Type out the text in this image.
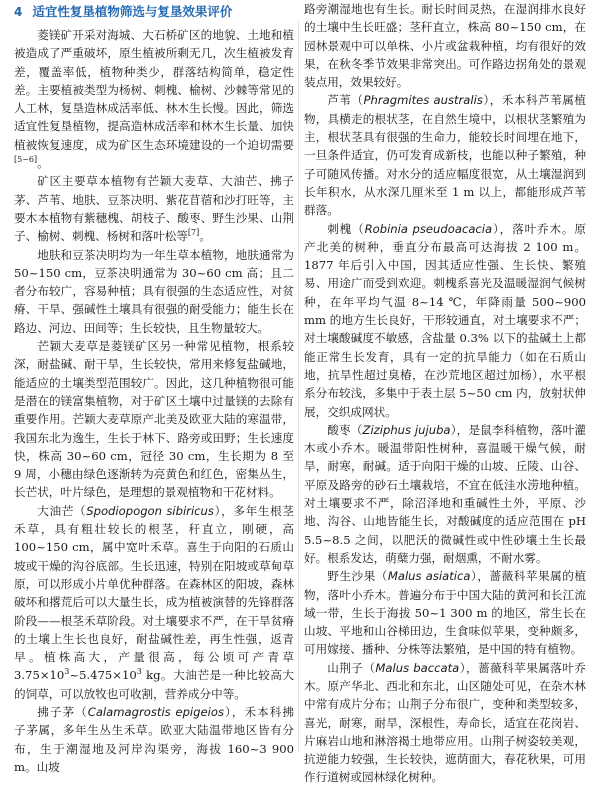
4 适宜性复垦植物筛选与复垦效果评价

菱镁矿开采对海城、大石桥矿区的地貌、土地和植被造成了严重破坏，原生植被所剩无几，次生植被发育差，覆盖率低，植物种类少，群落结构简单，稳定性差。主要植被类型为杨树、刺槐、榆树、沙棘等常见的人工林，复垦造林成活率低、林木生长慢。因此，筛选适宜性复垦植物，提高造林成活率和林木生长量、加快植被恢复速度，成为矿区生态环境建设的一个迫切需要[5−6]。

矿区主要草本植物有芒颖大麦草、大油芒、拂子茅、芦苇、地肤、豆茶决明、紫花苜蓿和沙打旺等，主要木本植物有紫穗槐、胡枝子、酸枣、野生沙果、山荆子、榆树、刺槐、杨树和落叶松等[7]。

地肤和豆茶决明均为一年生草本植物，地肤通常为 50~150 cm，豆茶决明通常为 30~60 cm 高；且二者分布较广，容易种植；具有很强的生态适应性，对贫瘠、干旱、强碱性土壤具有很强的耐受能力；能生长在路边、河边、田间等；生长较快，且生物量较大。

芒颖大麦草是菱镁矿区另一种常见植物，根系较深，耐盐碱、耐干旱，生长较快，常用来修复盐碱地，能适应的土壤类型范围较广。因此，这几种植物很可能是潜在的镁富集植物，对于矿区土壤中过量镁的去除有重要作用。芒颖大麦草原产北美及欧亚大陆的寒温带，我国东北为逸生，生长于林下、路旁或田野；生长速度快，株高 30~60 cm，冠径 30 cm，生长期为 8 至 9 周，小穗由绿色逐渐转为亮黄色和红色，密集丛生，长芒状，叶片绿色，是理想的景观植物和干花材料。

大油芒（Spodiopogon sibiricus），多年生根茎禾草，具有粗壮较长的根茎，秆直立，刚硬，高 100~150 cm，属中宽叶禾草。喜生于向阳的石质山坡或干燥的沟谷底部。生长迅速，特别在阳坡或草甸草原，可以形成小片单优种群落。在森林区的阳坡，森林破坏和撂荒后可以大量生长，成为植被演替的先锋群落阶段——根茎禾草阶段。对土壤要求不严，在干旱贫瘠的土壤上生长也良好，耐盐碱性差，再生性强，返青早。植株高大，产量很高，每公顷可产青草 $3.75\times 10^3\sim 5.475\times 10^3$ kg。大油芒是一种比较高大的饲草，可以放牧也可收割，营养成分中等。

拂子茅（Calamagrostis epigeios），禾本科拂子茅属，多年生丛生禾草。欧亚大陆温带地区皆有分布，生于潮湿地及河岸沟渠旁，海拔 160~3 900 m。山坡

路旁潮湿地也有生长。耐长时间灵热，在湿润排水良好的土壤中生长旺盛；茎秆直立，株高 80~150 cm，在园林景观中可以单株、小片或盆栽种植，均有很好的效果，在秋冬季节效果非常突出。可作路边拐角处的景观装点用，效果较好。

芦苇（Phragmites australis），禾本科芦苇属植物，具横走的根状茎，在自然生境中，以根状茎繁殖为主，根状茎具有很强的生命力，能较长时间埋在地下，一旦条件适宜，仍可发育成新枝，也能以种子繁殖，种子可随风传播。对水分的适应幅度很宽，从土壤湿润到长年积水，从水深几厘米至 1 m 以上，都能形成芦苇群落。

刺槐（Robinia pseudoacacia），落叶乔木。原产北美的树种，垂直分布最高可达海拔 2 100 m。1877 年后引入中国，因其适应性强、生长快、繁殖易、用途广而受到欢迎。刺槐系喜光及温暖湿润气候树种，在年平均气温 8~14 ℃，年降雨量 500~900 mm 的地方生长良好，干形较通直，对土壤要求不严；对土壤酸碱度不敏感，含盐量 0.3% 以下的盐碱土上都能正常生长发育，具有一定的抗旱能力（如在石质山地，抗旱性超过臭椿，在沙荒地区超过加杨），水平根系分布较浅，多集中于表土层 5~50 cm 内，放射状伸展，交织成网状。

酸枣（Ziziphus jujuba），是鼠李科植物，落叶灌木或小乔木。暖温带阳性树种，喜温暖干燥气候，耐旱，耐寒，耐碱。适于向阳干燥的山坡、丘陵、山谷、平原及路旁的砂石土壤栽培，不宜在低洼水涝地种植。对土壤要求不严，除沼泽地和重碱性土外，平原、沙地、沟谷、山地皆能生长，对酸碱度的适应范围在 pH 5.5~8.5 之间，以肥沃的微碱性或中性砂壤土生长最好。根系发达，萌蘖力强，耐烟熏，不耐水雾。

野生沙果（Malus asiatica），蔷薇科苹果属的植物，落叶小乔木。普遍分布于中国大陆的黄河和长江流域一带，生长于海拔 50~1 300 m 的地区，常生长在山坡、平地和山谷梯田边，生食味似苹果，变种颇多，可用嫁接、播种、分株等法繁殖，是中国的特有植物。

山荆子（Malus baccata），蔷薇科苹果属落叶乔木。原产华北、西北和东北，山区随处可见，在杂木林中常有成片分布；山荆子分布很广，变种和类型较多，喜光，耐寒，耐旱，深根性，寿命长，适宜在花岗岩、片麻岩山地和淋溶褐土地带应用。山荆子树姿较美观，抗逆能力较强，生长较快，遮荫面大，春花秋果，可用作行道树或园林绿化树种。
